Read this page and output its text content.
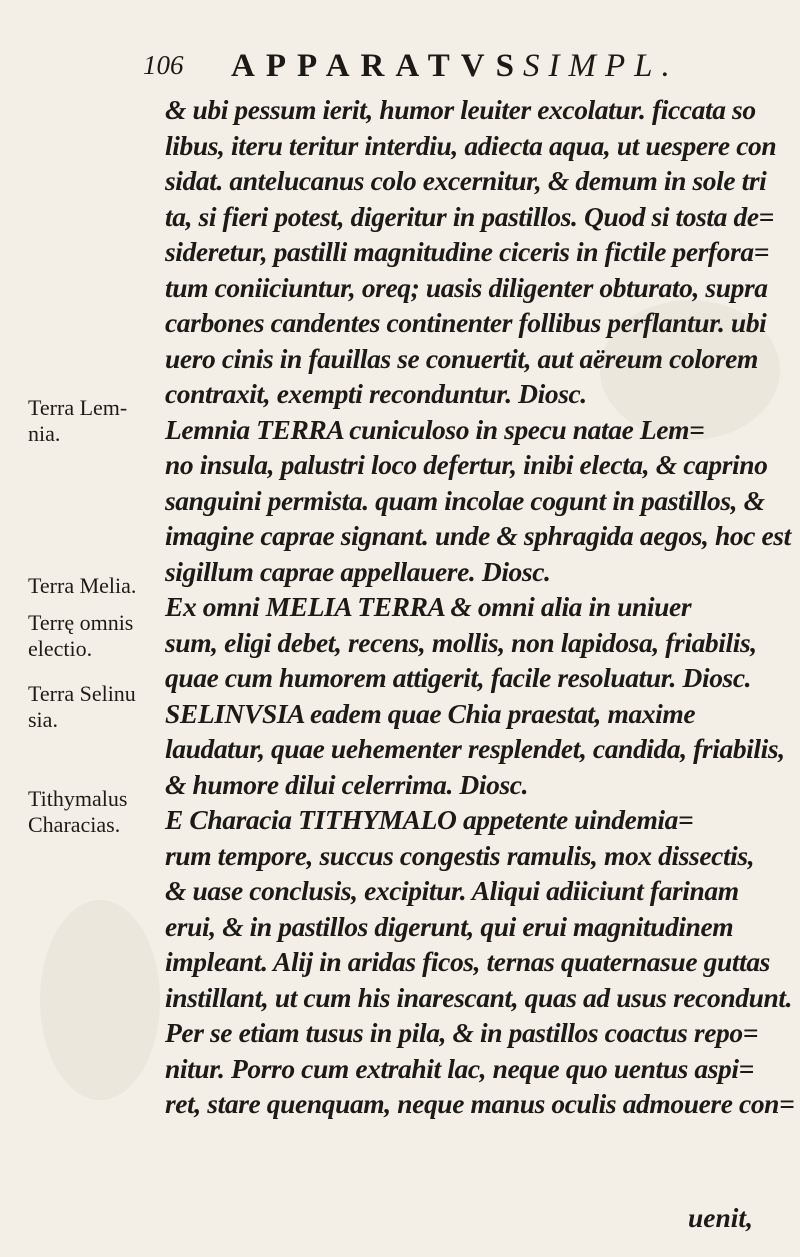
106 APPARATVS
SIMPL.
& ubi pessum ierit, humor leuiter excolatur. ficcata so
libus, iteru teritur interdiu, adiecta aqua, ut uespere con
sidat. antelucanus colo excernitur, & demum in sole tri
ta, si fieri potest, digeritur in pastillos. Quod si tosta de=
sideretur, pastilli magnitudine ciceris in fictile perfora=
tum coniiciuntur, oreq; uasis diligenter obturato, supra
carbones candentes continenter follibus perflantur. ubi
uero cinis in fauillas se conuertit, aut aëreum colorem
contraxit, exempti reconduntur. Diosc.
Lemnia TERRA cuniculoso in specu natae Lem=
no insula, palustri loco defertur, inibi electa, & caprino
sanguini permista. quam incolae cogunt in pastillos, &
imagine caprae signant. unde & sphragida aegos, hoc est
sigillum caprae appellauere. Diosc.
Ex omni MELIA TERRA & omni alia in uniuer
sum, eligi debet, recens, mollis, non lapidosa, friabilis,
quae cum humorem attigerit, facile resoluatur. Diosc.
SELINVSIA eadem quae Chia praestat, maxime
laudatur, quae uehementer resplendet, candida, friabilis,
& humore dilui celerrima. Diosc.
E Characia TITHYMALO appetente uindemia=
rum tempore, succus congestis ramulis, mox dissectis,
& uase conclusis, excipitur. Aliqui adiiciunt farinam
erui, & in pastillos digerunt, qui erui magnitudinem
impleant. Alij in aridas ficos, ternas quaternasue guttas
instillant, ut cum his inarescant, quas ad usus recondunt.
Per se etiam tusus in pila, & in pastillos coactus repo=
nitur. Porro cum extrahit lac, neque quo uentus aspi=
ret, stare quenquam, neque manus oculis admouere con=
Terra Lem-
nia.
Terra Melia.
Terrę omnis
electio.
Terra Selinu
sia.
Tithymalus
Characias.
uenit,
